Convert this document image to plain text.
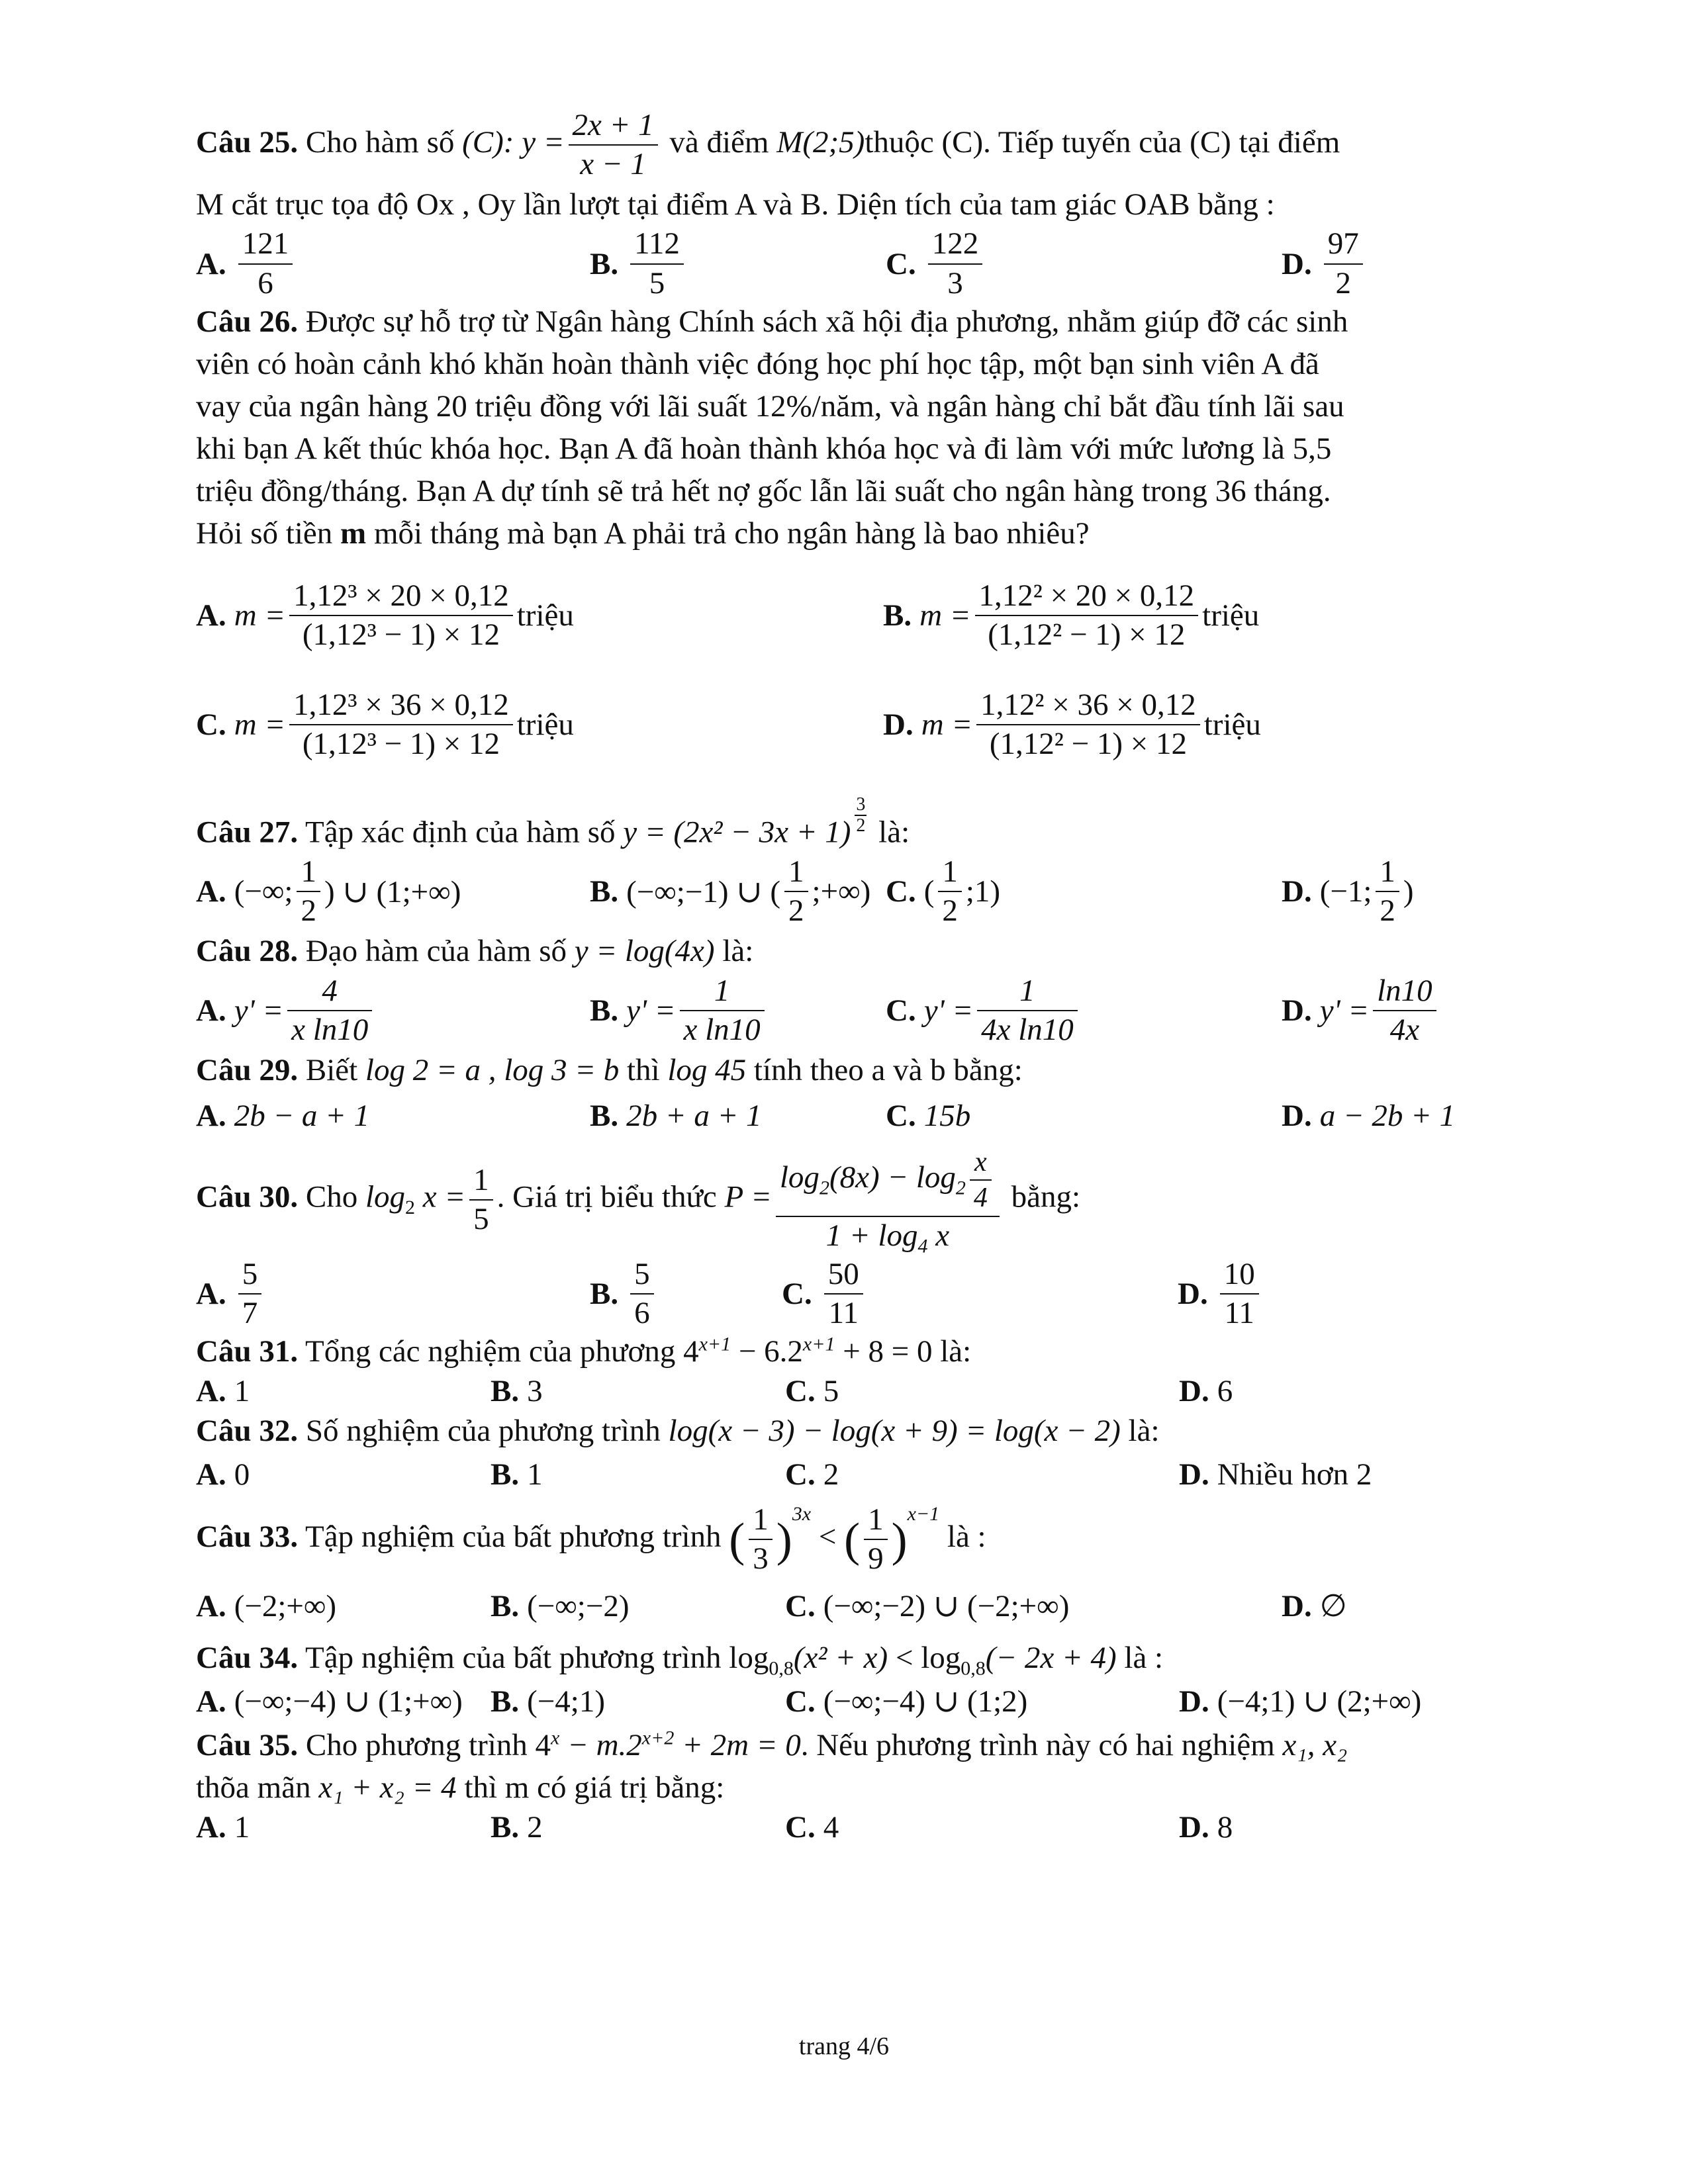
Câu 25. Cho hàm số (C): $y = \frac{2x + 1}{x - 1}$ và điểm M(2;5)thuộc (C). Tiếp tuyến của (C) tại điểm

M cắt trục tọa độ Ox , Oy lần lượt tại điểm A và B. Diện tích của tam giác OAB bằng :

A. $\frac{121}{6}$	B. $\frac{112}{5}$	C. $\frac{122}{3}$	D. $\frac{97}{2}$

Câu 26. Được sự hỗ trợ từ Ngân hàng Chính sách xã hội địa phương, nhằm giúp đỡ các sinh

viên có hoàn cảnh khó khăn hoàn thành việc đóng học phí học tập, một bạn sinh viên A đã

vay của ngân hàng 20 triệu đồng với lãi suất 12%/năm, và ngân hàng chỉ bắt đầu tính lãi sau

khi bạn A kết thúc khóa học. Bạn A đã hoàn thành khóa học và đi làm với mức lương là 5,5

triệu đồng/tháng. Bạn A dự tính sẽ trả hết nợ gốc lẫn lãi suất cho ngân hàng trong 36 tháng.

Hỏi số tiền m mỗi tháng mà bạn A phải trả cho ngân hàng là bao nhiêu?

A. $m = \frac{\text{1,12³ × 20 × 0,12}}{\text{(1,12³ − 1) × 12}}$ triệu	B. $m = \frac{\text{1,12² × 20 × 0,12}}{\text{(1,12² − 1) × 12}}$ triệu
C. $m = \frac{\text{1,12³ × 36 × 0,12}}{\text{(1,12³ − 1) × 12}}$ triệu	D. $m = \frac{\text{1,12² × 36 × 0,12}}{\text{(1,12² − 1) × 12}}$ triệu

Câu 27. Tập xác định của hàm số y = (2x² − 3x + 1) $^{\frac{3}{2}}$ là:

A. (−∞; $\frac{1}{2}$ ) ∪ (1;+∞)	B. (−∞;−1) ∪ ( $\frac{1}{2}$ ;+∞) C. ( $\frac{1}{2}$ ;1)	D. (−1; $\frac{1}{2}$ )

Câu 28. Đạo hàm của hàm số y = log(4x) là:

A. $y' = \frac{4}{\text{x ln10}}$	B. $y' = \frac{1}{\text{x ln10}}$	C. $y' = \frac{1}{\text{4x ln10}}$	D. $y' = \frac{\ln 10}{4x}$

Câu 29. Biết log 2 = a , log 3 = b thì log 45 tính theo a và b bằng:

A. 2b − a + 1	B. 2b + a + 1	C. 15b	D. a − 2b + 1

Câu 30. Cho $\log_2 x = \frac{1}{5}$ . Giá trị biểu thức $P = \frac{\log_2(8x) - \log_2 \frac{x}{4}}{1 + \log_4 x}$ bằng:

A. $\frac{5}{7}$	B. $\frac{5}{6}$	C. $\frac{50}{11}$	D. $\frac{10}{11}$

Câu 31. Tổng các nghiệm của phương $4^{x+1} - 6.2^{x+1} + 8 = 0$ là:

A. 1	B. 3	C. 5	D. 6

Câu 32. Số nghiệm của phương trình log(x − 3) − log(x + 9) = log(x − 2) là:

A. 0	B. 1	C. 2	D. Nhiều hơn 2

Câu 33. Tập nghiệm của bất phương trình ( $\frac{1}{3} )^{3x}$ < ( $\frac{1}{9} )^{x-1}$ là :

A. (−2;+∞)	B. (−∞;−2)	C. (−∞;−2) ∪ (−2;+∞)	D. ∅

Câu 34. Tập nghiệm của bất phương trình $\log_{0,8}(x^2 + x) < \log_{0,8}(- 2x + 4)$ là :

A. (−∞;−4) ∪ (1;+∞) B. (−4;1)	C. (−∞;−4) ∪ (1;2)	D. (−4;1) ∪ (2;+∞)

Câu 35. Cho phương trình $4^x - m.2^{x+2} + 2m = 0$. Nếu phương trình này có hai nghiệm x₁, x₂

thõa mãn x₁ + x₂ = 4 thì m có giá trị bằng:

A. 1	B. 2	C. 4	D. 8
trang 4/6
